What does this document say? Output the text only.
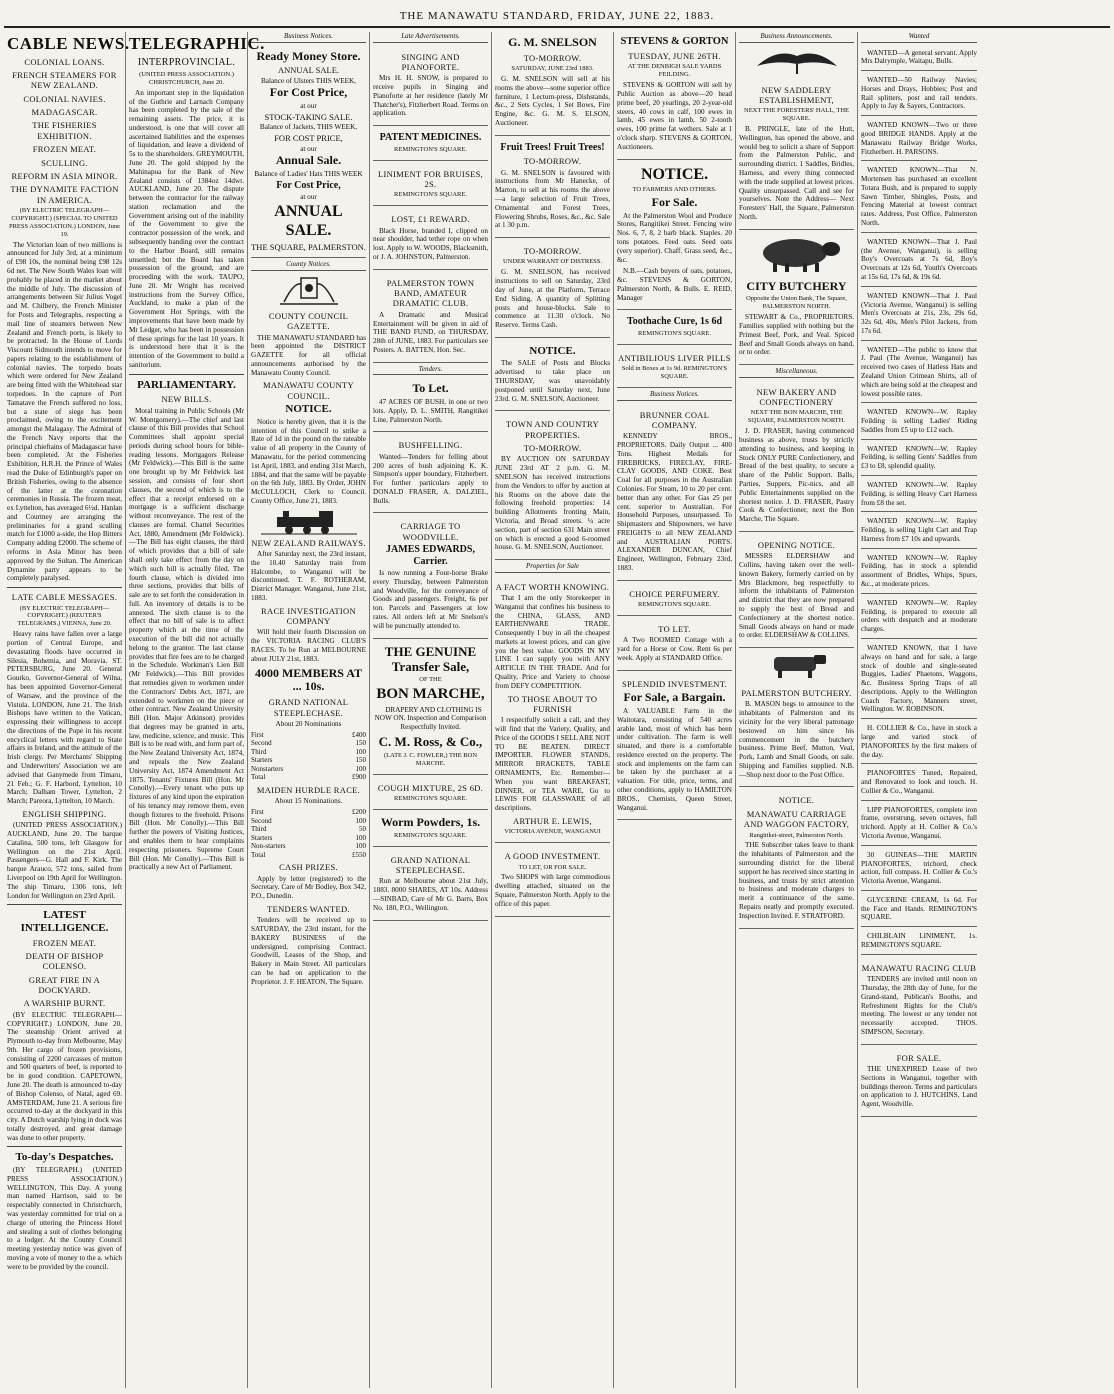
THE MANAWATU STANDARD, FRIDAY, JUNE 22, 1883.
CABLE NEWS.
COLONIAL LOANS.
FRENCH STEAMERS FOR NEW ZEALAND.
COLONIAL NAVIES.
MADAGASCAR.
THE FISHERIES EXHIBITION.
FROZEN MEAT.
SCULLING.
REFORM IN ASIA MINOR.
THE DYNAMITE FACTION IN AMERICA.
(BY ELECTRIC TELEGRAPH—COPYRIGHT.) (SPECIAL TO UNITED PRESS ASSOCIATION.) LONDON, June 19.

The Victorian loan of two millions is announced for July 3rd, at a minimum of £98 10s, the nominal being £98 12s 6d net. The New South Wales loan will probably be placed in the market about the middle of July. The discussion of arrangements between Sir Julius Vogel and M. Chilbery, the French Minister for Posts and Telegraphs, respecting a mail line of steamers between New Zealand and French ports, is likely to be protracted. In the House of Lords Viscount Sidmouth intends to move for papers relating to the establishment of colonial navies. The torpedo boats which were ordered for New Zealand are being fitted with the Whitehead star torpedoes. In the capture of Port Tamatave the French suffered no loss, but a state of siege has been proclaimed, owing to the excitement amongst the Malagasy. The Admiral of the French Navy reports that the principal chieftains of Madagascar have been completed. At the Fisheries Exhibition, H.R.H. the Prince of Wales read the Duke of Edinburgh's paper on British Fisheries, owing to the absence of the latter at the coronation ceremonies in Russia. The frozen meat, ex Lyttelton, has averaged 6½d. Hanlan and Courtney are arranging the preliminaries for a grand sculling match for £1000 a-side, the Hop Bitters Company adding £2000. The scheme of reforms in Asia Minor has been approved by the Sultan. The American Dynamite party appears to be completely paralysed.

LATE CABLE MESSAGES.
(BY ELECTRIC TELEGRAPH—COPYRIGHT.) (REUTER'S TELEGRAMS.) VIENNA, June 20.

Heavy rains have fallen over a large portion of Central Europe, and devastating floods have occurred in Silesia, Bohemia, and Moravia. ST. PETERSBURG, June 20. General Gourko, Governor-General of Wilna, has been appointed Governor-General of Warsaw, and the province of the Vistula. LONDON, June 21. The Irish Bishops have written to the Vatican, expressing their willingness to accept the directions of the Pope in his recent encyclical letters with regard to State affairs in Ireland, and the attitude of the Irish clergy. Per Merchants' Shipping and Underwriters' Association we are advised that Ganymede from Timaru, 21 Feb.; G. F. Harbord, Lyttelton, 10 March; Dalham Tower, Lyttelton, 2 March; Pareora, Lyttelton, 10 March.

ENGLISH SHIPPING.

(UNITED PRESS ASSOCIATION.) AUCKLAND, June 20. The barque Catalina, 500 tons, left Glasgow for Wellington on the 21st April. Passengers—G. Hall and F. Kirk. The barque Arauco, 572 tons, sailed from Liverpool on 19th April for Wellington. The ship Timaru, 1306 tons, left London for Wellington on 23rd April.

LATEST INTELLIGENCE.
FROZEN MEAT.
DEATH OF BISHOP COLENSO.
GREAT FIRE IN A DOCKYARD.
A WARSHIP BURNT.

(BY ELECTRIC TELEGRAPH—COPYRIGHT.) LONDON, June 20. The steamship Orient arrived at Plymouth to-day from Melbourne, May 9th. Her cargo of frozen provisions, consisting of 2200 carcasses of mutton and 500 quarters of beef, is reported to be in good condition. CAPETOWN, June 20. The death is announced to-day of Bishop Colenso, of Natal, aged 69. AMSTERDAM, June 21. A serious fire occurred to-day at the dockyard in this city. A Dutch warship lying in dock was totally destroyed, and great damage was done to other property.

To-day's Despatches.

(BY TELEGRAPH.) (UNITED PRESS ASSOCIATION.) WELLINGTON, This Day. A young man named Harrison, said to be respectably connected in Christchurch, was yesterday committed for trial on a charge of uttering the Princess Hotel and stealing a suit of clothes belonging to a lodger. At the County Council meeting yesterday notice was given of moving a vote of money to the a. which were to be provided by the council.

TELEGRAPHIC.
INTERPROVINCIAL.
(UNITED PRESS ASSOCIATION.) CHRISTCHURCH, June 20.

An important step in the liquidation of the Guthrie and Larnach Company has been completed by the sale of the remaining assets. The price, it is understood, is one that will cover all ascertained liabilities and the expenses of liquidation, and leave a dividend of 5s to the shareholders. GREYMOUTH, June 20. The gold shipped by the Mahinapua for the Bank of New Zealand consists of 1384oz 14dwt. AUCKLAND, June 20. The dispute between the contractor for the railway station reclamation and the Government arising out of the inability of the Government to give the contractor possession of the work, and subsequently handing over the contract to the Harbor Board, still remains unsettled; but the Board has taken possession of the ground, and are proceeding with the work. TAUPO, June 20. Mr Wright has received instructions from the Survey Office, Auckland, to make a plan of the Government Hot Springs, with the improvements that have been made by Mr Ledger, who has been in possession of these springs for the last 10 years. It is understood here that it is the intention of the Government to build a sanitorium.

PARLIAMENTARY.
NEW BILLS.

Moral training in Public Schools (Mr W. Montgomery).—The chief and last clause of this Bill provides that School Committees shall appoint special periods during school hours for bible-reading lessons. Mortgagors Release (Mr Feldwick).—This Bill is the same one brought up by Mr Feldwick last session, and consists of four short clauses, the second of which is to the effect that a receipt endorsed on a mortgage is a sufficient discharge without reconveyance. The rest of the clauses are formal. Chattel Securities Act, 1880, Amendment (Mr Feldwick).—The Bill has eight clauses, the third of which provides that a bill of sale shall only take effect from the day on which such bill is actually filed. The fourth clause, which is divided into three sections, provides that bills of sale are to set forth the consideration in full. An inventory of details is to be annexed. The sixth clause is to the effect that no bill of sale is to affect property which at the time of the execution of the bill did not actually belong to the grantor. The last clause provides that fire fees are to be charged in the Schedule. Workman's Lien Bill (Mr Feldwick).—This Bill provides that remedies given to workmen under the Contractors' Debts Act, 1871, are extended to workmen on the piece or other contract. New Zealand University Bill (Hon. Major Atkinson) provides that degrees may be granted in arts, law, medicine, science, and music. This Bill is to be read with, and form part of, the New Zealand University Act, 1874, and repeals the New Zealand University Act, 1874 Amendment Act 1875. Tenants' Fixtures Bill (Hon. Mr Conolly).—Every tenant who puts up fixtures of any kind upon the expiration of his tenancy may remove them, even though fixtures to the freehold. Prisons Bill (Hon. Mr Conolly).—This Bill further the powers of Visiting Justices, and enables them to hear complaints respecting prisoners. Supreme Court Bill (Hon. Mr Conolly).—This Bill is practically a new Act of Parliament.

Business Notices.
Ready Money Store.
ANNUAL SALE.
Balance of Ulsters THIS WEEK,
For Cost Price,
at our
STOCK-TAKING SALE.
Balance of Jackets, THIS WEEK,
FOR COST PRICE,
at our
Annual Sale.
Balance of Ladies' Hats THIS WEEK
For Cost Price,
at our
ANNUAL SALE.
THE SQUARE, PALMERSTON.
County Notices.
COUNTY COUNCIL GAZETTE.

THE MANAWATU STANDARD has been appointed the DISTRICT GAZETTE for all official announcements authorised by the Manawatu County Council.

MANAWATU COUNTY COUNCIL.
NOTICE.

Notice is hereby given, that it is the intention of this Council to strike a Rate of 1d in the pound on the rateable value of all property in the County of Manawatu, for the period commencing 1st April, 1883, and ending 31st March, 1884, and that the same will be payable on the 6th July, 1883. By Order, JOHN McCULLOCH, Clerk to Council. County Office, June 21, 1883.

NEW ZEALAND RAILWAYS.

After Saturday next, the 23rd instant, the 10.40 Saturday train from Halcombe, to Wanganui will be discontinued. T. F. ROTHERAM, District Manager. Wanganui, June 21st, 1883.

RACE INVESTIGATION COMPANY

Will hold their fourth Discussion on the VICTORIA RACING CLUB'S RACES. To be Run at MELBOURNE about JULY 21st, 1883.

4000 MEMBERS AT ... 10s.
GRAND NATIONAL STEEPLECHASE.
About 20 Nominations
First	£400
Second	150
Third	100
Starters	150
Nonstarters	100
Total	£900
MAIDEN HURDLE RACE.
About 15 Nominations.
First	£200
Second	100
Third	50
Starters	100
Non-starters	100
Total	£550
CASH PRIZES.

Apply by letter (registered) to the Secretary. Care of Mr Bodley, Box 342, P.O., Dunedin.

TENDERS WANTED.

Tenders will be received up to SATURDAY, the 23rd instant, for the BAKERY BUSINESS of the undersigned, comprising Contract. Goodwill, Leases of the Shop, and Bakery in Main Street. All particulars can be had on application to the Proprietor. J. F. HEATON, The Square.

Late Advertisements.
SINGING AND PIANOFORTE.

Mrs H. H. SNOW, is prepared to receive pupils in Singing and Pianoforte at her residence (lately Mr Thatcher's), Fitzherbert Road. Terms on application.

PATENT MEDICINES.
REMINGTON'S SQUARE.
LINIMENT FOR BRUISES, 2S.
REMINGTON'S SQUARE.
LOST, £1 REWARD.

Black Horse, branded I, clipped on near shoulder, had tether rope on when lost. Apply to W. WOODS, Blacksmith, or J. A. JOHNSTON, Palmerston.

PALMERSTON TOWN BAND, AMATEUR DRAMATIC CLUB.

A Dramatic and Musical Entertainment will be given in aid of THE BAND FUND, on THURSDAY, 28th of JUNE, 1883. For particulars see Posters. A. BATTEN, Hon. Sec.

Tenders.
To Let.

47 ACRES OF BUSH, in one or two lots. Apply, D. L. SMITH, Rangitikei Line, Palmerston North.

BUSHFELLING.

Wanted—Tenders for felling about 200 acres of bush adjoining K. K. Simpson's upper boundary, Fitzherbert. For further particulars apply to DONALD FRASER, A. DALZIEL, Bulls.

CARRIAGE TO WOODVILLE.
JAMES EDWARDS, Carrier.

Is now running a Four-horse Brake every Thursday, between Palmerston and Woodville, for the conveyance of Goods and passengers. Freight, 6s per ton. Parcels and Passengers at low rates. All orders left at Mr Snelson's will be punctually attended to.

THE GENUINE Transfer Sale,
OF THE
BON MARCHE,

DRAPERY AND CLOTHING IS NOW ON. Inspection and Comparison Respectfully Invited.

C. M. Ross, & Co.,
(LATE J. C. FOWLER,) THE BON MARCHE.
COUGH MIXTURE, 2S 6D.
REMINGTON'S SQUARE.
Worm Powders, 1s.
REMINGTON'S SQUARE.
GRAND NATIONAL STEEPLECHASE.

Run at Melbourne about 21st July, 1883. 8000 SHARES, AT 10s. Address—SINBAD, Care of Mr G. Barrs, Box No. 180, P.O., Wellington.

G. M. SNELSON
TO-MORROW.
SATURDAY, JUNE 23rd 1883.

G. M. SNELSON will sell at his rooms the above—some superior office furniture, 1 Lecturn-press, Dishstands, &c., 2 Sets Cycles, 1 Set Bows, Fire Engine, &c. G. M. S. ELSON, Auctioneer.

Fruit Trees! Fruit Trees!
TO-MORROW.

G. M. SNELSON is favoured with instructions from Mr Hanecke, of Marton, to sell at his rooms the above—a large selection of Fruit Trees, Ornamental and Forest Trees, Flowering Shrubs, Roses, &c., &c. Sale at 1 30 p.m.

TO-MORROW.
UNDER WARRANT OF DISTRESS.

G. M. SNELSON, has received instructions to sell on Saturday, 23rd day of June, at the Platform, Terrace End Siding, A quantity of Splitting posts and house-blocks. Sale to commence at 11.30 o'clock. No Reserve. Terms Cash.

NOTICE.

The SALE of Posts and Blocks advertised to take place on THURSDAY, was unavoidably postponed until Saturday next, June 23rd. G. M. SNELSON, Auctioneer.

TOWN AND COUNTRY PROPERTIES.
TO-MORROW.

BY AUCTION ON SATURDAY JUNE 23rd AT 2 p.m. G. M. SNELSON has received instructions from the Vendors to offer by auction at his Rooms on the above date the following freehold properties: 14 building Allotments fronting Main, Victoria, and Broad streets. ¼ acre section, part of section 631 Main street on which is erected a good 6-roomed house. G. M. SNELSON, Auctioneer.

Properties for Sale
A FACT WORTH KNOWING.

That I am the only Storekeeper in Wanganui that confines his business to the CHINA, GLASS, AND EARTHENWARE TRADE. Consequently I buy in all the cheapest markets at lowest prices, and can give you the best value. GOODS IN MY LINE I can supply you with ANY ARTICLE IN THE TRADE. And for Quality, Price and Variety to choose from DEFY COMPETITION.

TO THOSE ABOUT TO FURNISH

I respectfully solicit a call, and they will find that the Variety, Quality, and Price of the GOODS I SELL ARE NOT TO BE BEATEN. DIRECT IMPORTER. FLOWER STANDS, MIRROR BRACKETS, TABLE ORNAMENTS, Etc. Remember—When you want BREAKFAST, DINNER, or TEA WARE, Go to LEWIS FOR GLASSWARE of all descriptions.

ARTHUR E. LEWIS,
VICTORIA AVENUE, WANGANUI
A GOOD INVESTMENT.
TO LET, OR FOR SALE.

Two SHOPS with large commodious dwelling attached, situated on the Square, Palmerston North. Apply to the office of this paper.

STEVENS & GORTON
TUESDAY, JUNE 26TH.
AT THE DENBIGH SALE YARDS FEILDING.

STEVENS & GORTON will sell by Public Auction as above—20 head prime beef, 20 yearlings, 20 2-year-old steers, 40 cows in calf, 100 ewes in lamb, 45 ewes in lamb, 50 2-tooth ewes, 100 prime fat wethers. Sale at 1 o'clock sharp. STEVENS & GORTON, Auctioneers.

NOTICE.
TO FARMERS AND OTHERS.
For Sale.

At the Palmerston Wool and Produce Stores, Rangitikei Street. Fencing wire Nos. 6, 7, 8, 2 barb black. Staples. 20 tons potatoes. Feed oats. Seed oats (very superior). Chaff. Grass seed, &c., &c.

N.B.—Cash buyers of oats, potatoes, &c. STEVENS & GORTON, Palmerston North, & Bulls. E. REID, Manager

Toothache Cure, 1s 6d
REMINGTON'S SQUARE.
ANTIBILIOUS LIVER PILLS
Sold in Boxes at 1s 9d. REMINGTON'S SQUARE.
Business Notices.
BRUNNER COAL COMPANY.

KENNEDY BROS., PROPRIETORS. Daily Output ... 400 Tons. Highest Medals for FIREBRICKS, FIRECLAY, FIRE-CLAY GOODS, AND COKE. Best Coal for all purposes in the Australian Colonies. For Steam, 10 to 20 per cent. better than any other. For Gas 25 per cent. superior to Australian. For Household Purposes, unsurpassed. To Shipmasters and Shipowners, we have FREIGHTS to all NEW ZEALAND and AUSTRALIAN PORTS. ALEXANDER DUNCAN, Chief Engineer, Wellington, February 23rd, 1883.

CHOICE PERFUMERY.
REMINGTON'S SQUARE.
TO LET.

A Two ROOMED Cottage with a yard for a Horse or Cow. Rent 6s per week. Apply at STANDARD Office.

SPLENDID INVESTMENT.
For Sale, a Bargain.

A VALUABLE Farm in the Waitotara, consisting of 540 acres arable land, most of which has been under cultivation. The farm is well situated, and there is a comfortable residence erected on the property. The stock and implements on the farm can be taken by the purchaser at a valuation. For title, price, terms, and other conditions, apply to HAMILTON BROS., Chemists, Queen Street, Wanganui.

Business Announcements.
NEW SADDLERY ESTABLISHMENT,
NEXT THE FORESTERS' HALL, THE SQUARE.

B. PRINGLE, late of the Hutt, Wellington, has opened the above, and would beg to solicit a share of Support from the Palmerston Public, and surrounding district. 1 Saddles, Bridles, Harness, and every thing connected with the trade supplied at lowest prices. Quality unsurpassed. Call and see for yourselves. Note the Address— Next Foresters' Hall, the Square, Palmerston North.

CITY BUTCHERY
Opposite the Union Bank, The Square, PALMERSTON NORTH.

STEWART & Co., PROPRIETORS. Families supplied with nothing but the Primest Beef, Pork, and Veal. Spiced Beef and Small Goods always on hand, or to order.

Miscellaneous.
NEW BAKERY AND CONFECTIONERY
NEXT THE BON MARCHE, THE SQUARE, PALMERSTON NORTH.

J. D. FRASER, having commenced business as above, trusts by strictly attending to business, and keeping in Stock ONLY PURE Confectionery, and Bread of the best quality, to secure a share of the Public Support. Balls, Parties, Suppers, Pic-nics, and all Public Entertainments supplied on the shortest notice. J. D. FRASER, Pastry Cook & Confectioner, next the Bon Marche, The Square.

OPENING NOTICE.

MESSRS ELDERSHAW and Collins, having taken over the well-known Bakery, formerly carried on by Mrs Blackmore, beg respectfully to inform the inhabitants of Palmerston and district that they are now prepared to supply the best of Bread and Confectionery at the shortest notice. Small Goods always on hand or made to order. ELDERSHAW & COLLINS.

PALMERSTON BUTCHERY.

B. MASON begs to announce to the inhabitants of Palmerston and its vicinity for the very liberal patronage bestowed on him since his commencement in the butchery business. Prime Beef, Mutton, Veal, Pork, Lamb and Small Goods, on sale. Shipping and Families supplied. N.B.—Shop next door to the Post Office.

NOTICE.
MANAWATU CARRIAGE AND WAGGON FACTORY,
Rangitikei-street, Palmerston North.

THE Subscriber takes leave to thank the inhabitants of Palmerston and the surrounding district for the liberal support he has received since starting in business, and trusts by strict attention to business and moderate charges to merit a continuance of the same. Repairs neatly and promptly executed. Inspection Invited. F. STRATFORD.

Wanted

WANTED—A general servant. Apply Mrs Dalrymple, Waitapu, Bulls.

WANTED—50 Railway Navies; Horses and Drays, Hobbies; Post and Rail splitters, post and rail tenders. Apply to Jay & Sayers, Contractors.

WANTED KNOWN—Two or three good BRIDGE HANDS. Apply at the Manawatu Railway Bridge Works, Fitzherbert. H. PARSONS.

WANTED KNOWN—That N. Mortensen has purchased an excellent Totara Bush, and is prepared to supply Sawn Timber, Shingles, Posts, and Fencing Material at lowest contract rates. Address, Post Office, Palmerston North.

WANTED KNOWN—That J. Paul (the Avenue, Wanganui), is selling Boy's Overcoats at 7s 6d, Boy's Overcoats at 12s 6d, Youth's Overcoats at 15s 6d, 17s 6d, & 19s 6d.

WANTED KNOWN—That J. Paul (Victoria Avenue, Wanganui) is selling Men's Overcoats at 21s, 23s, 29s 6d, 32s 6d, 40s, Men's Pilot Jackets, from 17s 6d.

WANTED—The public to know that J. Paul (The Avenue, Wanganui) has received two cases of Hatless Hats and Zealand Union Crimean Shirts, all of which are being sold at the cheapest and lowest possible rates.

WANTED KNOWN—W. Rapley Feilding is selling Ladies' Riding Saddles from £5 up to £12 each.

WANTED KNOWN—W. Rapley Feilding, is selling Gents' Saddles from £3 to £8, splendid quality.

WANTED KNOWN—W. Rapley Feilding, is selling Heavy Cart Harness from £8 the set.

WANTED KNOWN—W. Rapley Feilding, is selling Light Cart and Trap Harness from £7 10s and upwards.

WANTED KNOWN—W. Rapley Feilding, has in stock a splendid assortment of Bridles, Whips, Spurs, &c., at moderate prices.

WANTED KNOWN—W. Rapley Feilding, is prepared to execute all orders with despatch and at moderate charges.

WANTED KNOWN, that I have always on hand and for sale, a large stock of double and single-seated Buggies, Ladies' Phaetons, Waggons, &c. Business Spring Traps of all descriptions. Apply to the Wellington Coach Factory, Manners street, Wellington. W. ROBINSON.

H. COLLIER & Co., have in stock a large and varied stock of PIANOFORTES by the first makers of the day.

PIANOFORTES Tuned, Repaired, and Renovated to look and touch. H. Collier & Co., Wanganui.

LIPP PIANOFORTES, complete iron frame, overstrung, seven octaves, full trichord. Apply at H. Collier & Co.'s Victoria Avenue, Wanganui.

30 GUINEAS—THE MARTIN PIANOFORTES, trichord, check action, full compass. H. Collier & Co.'s Victoria Avenue, Wanganui.

GLYCERINE CREAM, 1s 6d. For the Face and Hands. REMINGTON'S SQUARE.

CHILBLAIN LINIMENT, 1s. REMINGTON'S SQUARE.

MANAWATU RACING CLUB

TENDERS are invited until noon on Thursday, the 28th day of June, for the Grand-stand, Publican's Booths, and Refreshment Rights for the Club's meeting. The lowest or any tender not necessarily accepted. THOS. SIMPSON, Secretary.

FOR SALE.

THE UNEXPIRED Lease of two Sections in Wanganui, together with buildings thereon. Terms and particulars on application to J. HUTCHINS, Land Agent, Woodville.
